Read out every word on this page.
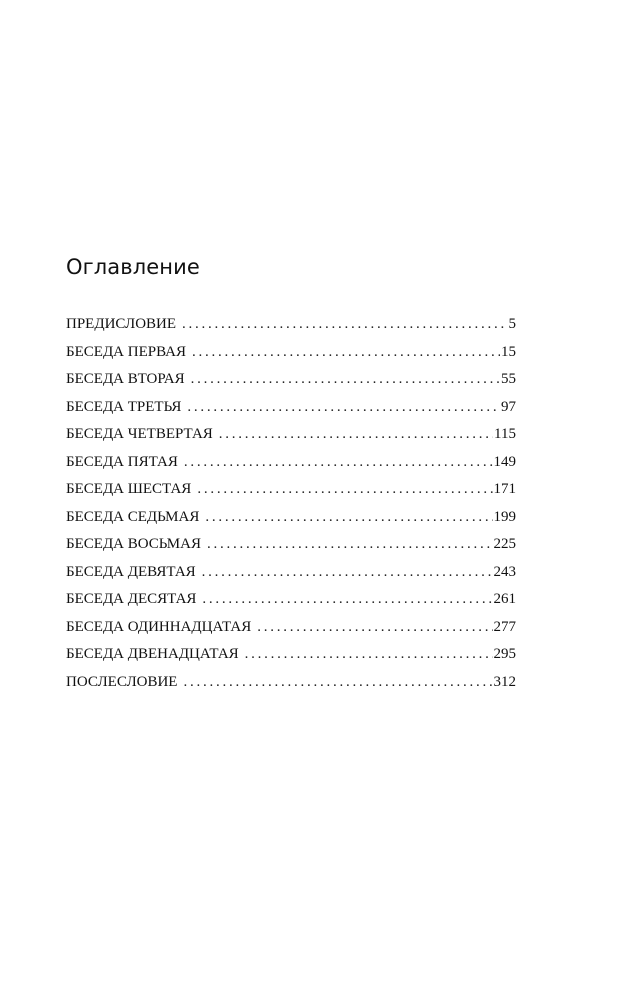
Оглавление
ПРЕДИСЛОВИЕ . . .	5
БЕСЕДА ПЕРВАЯ . . .	15
БЕСЕДА ВТОРАЯ . . .	55
БЕСЕДА ТРЕТЬЯ . . .	97
БЕСЕДА ЧЕТВЕРТАЯ . . .	115
БЕСЕДА ПЯТАЯ . . .	149
БЕСЕДА ШЕСТАЯ . . .	171
БЕСЕДА СЕДЬМАЯ . . .	199
БЕСЕДА ВОСЬМАЯ . . .	225
БЕСЕДА ДЕВЯТАЯ . . .	243
БЕСЕДА ДЕСЯТАЯ . . .	261
БЕСЕДА ОДИННАДЦАТАЯ . . .	277
БЕСЕДА ДВЕНАДЦАТАЯ . . .	295
ПОСЛЕСЛОВИЕ . . .	312
